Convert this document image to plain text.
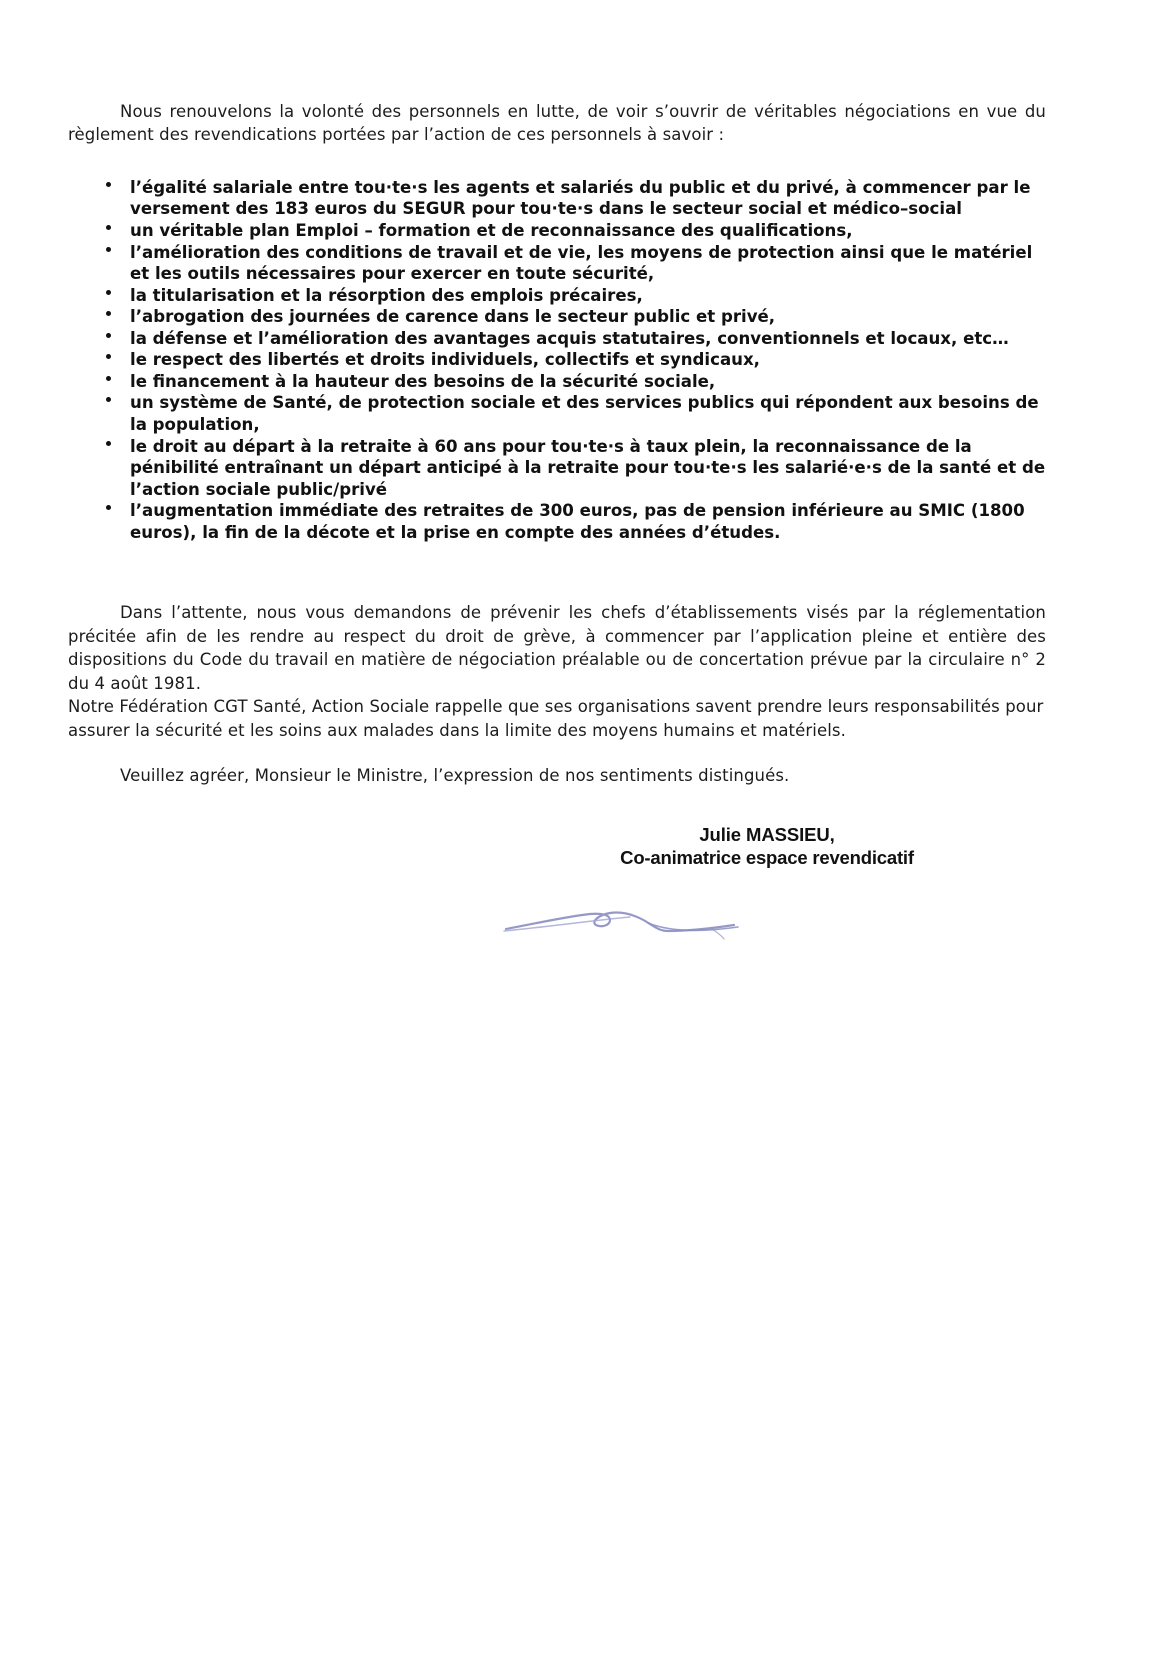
Nous renouvelons la volonté des personnels en lutte, de voir s’ouvrir de véritables négociations en vue du règlement des revendications portées par l’action de ces personnels à savoir :

l’égalité salariale entre tou·te·s les agents et salariés du public et du privé, à commencer par le versement des 183 euros du SEGUR pour tou·te·s dans le secteur social et médico–social
un véritable plan Emploi – formation et de reconnaissance des qualifications,
l’amélioration des conditions de travail et de vie, les moyens de protection ainsi que le matériel et les outils nécessaires pour exercer en toute sécurité,
la titularisation et la résorption des emplois précaires,
l’abrogation des journées de carence dans le secteur public et privé,
la défense et l’amélioration des avantages acquis statutaires, conventionnels et locaux, etc…
le respect des libertés et droits individuels, collectifs et syndicaux,
le financement à la hauteur des besoins de la sécurité sociale,
un système de Santé, de protection sociale et des services publics qui répondent aux besoins de la population,
le droit au départ à la retraite à 60 ans pour tou·te·s à taux plein, la reconnaissance de la pénibilité entraînant un départ anticipé à la retraite pour tou·te·s les salarié·e·s de la santé et de l’action sociale public/privé
l’augmentation immédiate des retraites de 300 euros, pas de pension inférieure au SMIC (1800 euros), la fin de la décote et la prise en compte des années d’études.

Dans l’attente, nous vous demandons de prévenir les chefs d’établissements visés par la réglementation précitée afin de les rendre au respect du droit de grève, à commencer par l’application pleine et entière des dispositions du Code du travail en matière de négociation préalable ou de concertation prévue par la circulaire n° 2 du 4 août 1981.

Notre Fédération CGT Santé, Action Sociale rappelle que ses organisations savent prendre leurs responsabilités pour assurer la sécurité et les soins aux malades dans la limite des moyens humains et matériels.

Veuillez agréer, Monsieur le Ministre, l’expression de nos sentiments distingués.

Julie MASSIEU,
Co-animatrice espace revendicatif
